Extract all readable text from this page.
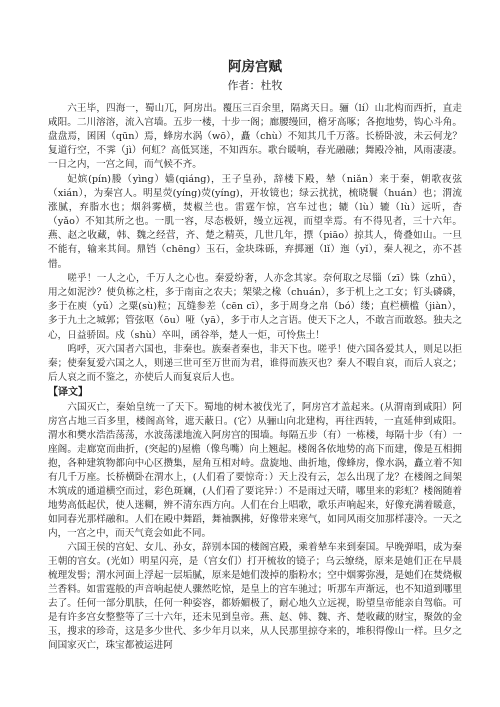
阿房宫赋
作者：杜牧

六王毕，四海一，蜀山兀，阿房出。覆压三百余里，隔离天日。骊（lí）山北构而西折，直走咸阳。二川溶溶，流入宫墙。五步一楼，十步一阁；廊腰缦回，檐牙高啄；各抱地势，钩心斗角。盘盘焉，囷囷（qūn）焉，蜂房水涡（wō），矗（chù）不知其几千万落。长桥卧波，未云何龙？复道行空，不霁（jì）何虹？高低冥迷，不知西东。歌台暖响，春光融融；舞殿冷袖，风雨凄凄。一日之内，一宫之间，而气候不齐。

妃嫔(pín)媵（yìng）嫱(qiáng)，王子皇孙，辞楼下殿，辇（niǎn）来于秦，朝歌夜弦（xián），为秦宫人。明星荧(yíng)荧(yíng)，开妆镜也；绿云扰扰，梳晓鬟（huán）也；渭流涨腻，弃脂水也；烟斜雾横，焚椒兰也。雷霆乍惊，宫车过也；辘（lù）辘（lù）远听，杳（yǎo）不知其所之也。一肌一容，尽态极妍，缦立远视，而望幸焉。有不得见者，三十六年。燕、赵之收藏，韩、魏之经营，齐、楚之精英，几世几年，摽（piāo）掠其人，倚叠如山。一旦不能有，输来其间。鼎铛（chēng）玉石，金块珠砾，弃掷逦（lǐ）迤（yǐ），秦人视之，亦不甚惜。

嗟乎！一人之心，千万人之心也。秦爱纷奢，人亦念其家。奈何取之尽锱（zī）铢（zhū），用之如泥沙？使负栋之柱，多于南亩之农夫；架梁之椽（chuán），多于机上之工女；钉头磷磷，多于在庾（yǔ）之粟(sù)粒；瓦缝参差（cēn cī），多于周身之帛（bó）缕；直栏横槛（jiàn），多于九土之城郭；管弦呕（ōu）哑（yā），多于市人之言语。使天下之人，不敢言而敢怒。独夫之心，日益骄固。戍（shù）卒叫，函谷举，楚人一炬，可怜焦土！

呜呼，灭六国者六国也，非秦也。族秦者秦也，非天下也。嗟乎！使六国各爱其人，则足以拒秦；使秦复爱六国之人，则递三世可至万世而为君，谁得而族灭也？秦人不暇自哀，而后人哀之；后人哀之而不鉴之，亦使后人而复哀后人也。

【译文】

六国灭亡，秦始皇统一了天下。蜀地的树木被伐光了，阿房宫才盖起来。(从渭南到咸阳）阿房宫占地三百多里，楼阁高耸，遮天蔽日。(它）从骊山向北建构，再往西转，一直延伸到咸阳。渭水和樊水浩浩荡荡，水波荡漾地流入阿房宫的围墙。每隔五步（有）一栋楼，每隔十步（有）一座阁。走廊宽而曲折，(突起的)屋檐（像鸟嘴）向上翘起。楼阁各依地势的高下而建，像是互相拥抱，各种建筑物都向中心区攒集，屋角互相对峙。盘旋地、曲折地，像蜂房，像水涡，矗立着不知有几千万座。长桥横卧在渭水上，(人们看了要惊奇：）天上没有云，怎么出现了龙？在楼阁之间架木筑成的通道横空而过，彩色斑斓，(人们看了要诧异：）不是雨过天晴，哪里来的彩虹？楼阁随着地势高低起伏，使人迷糊，辨不清东西方向。人们在台上唱歌，歌乐声响起来，好像充满着暖意，如同春光那样融和。人们在殿中舞蹈，舞袖飘拂，好像带来寒气，如同风雨交加那样凄冷。一天之内，一宫之中，而天气竟会如此不同。

六国王侯的宫妃、女儿、孙女，辞别本国的楼阁宫殿，乘着辇车来到秦国。早晚弹唱，成为秦王朝的宫女。(光如）明星闪亮，是（宫女们）打开梳妆的镜子；乌云缭绕，原来是她们正在早晨梳理发髻；渭水河面上浮起一层垢腻，原来是她们泼掉的脂粉水；空中烟雾弥漫，是她们在焚烧椒兰香料。如雷霆般的声音响起使人骤然吃惊，是皇上的宫车驰过；听那车声渐远，也不知道到哪里去了。任何一部分肌肤，任何一种姿容，都娇媚极了，耐心地久立远视，盼望皇帝能亲自驾临。可是有许多宫女整整等了三十六年，还未见到皇帝。燕、赵、韩、魏、齐、楚收藏的财宝，聚敛的金玉，搜求的珍奇，这是多少世代、多少年月以来，从人民那里掠夺来的，堆积得像山一样。旦夕之间国家灭亡，珠宝都被运进阿
